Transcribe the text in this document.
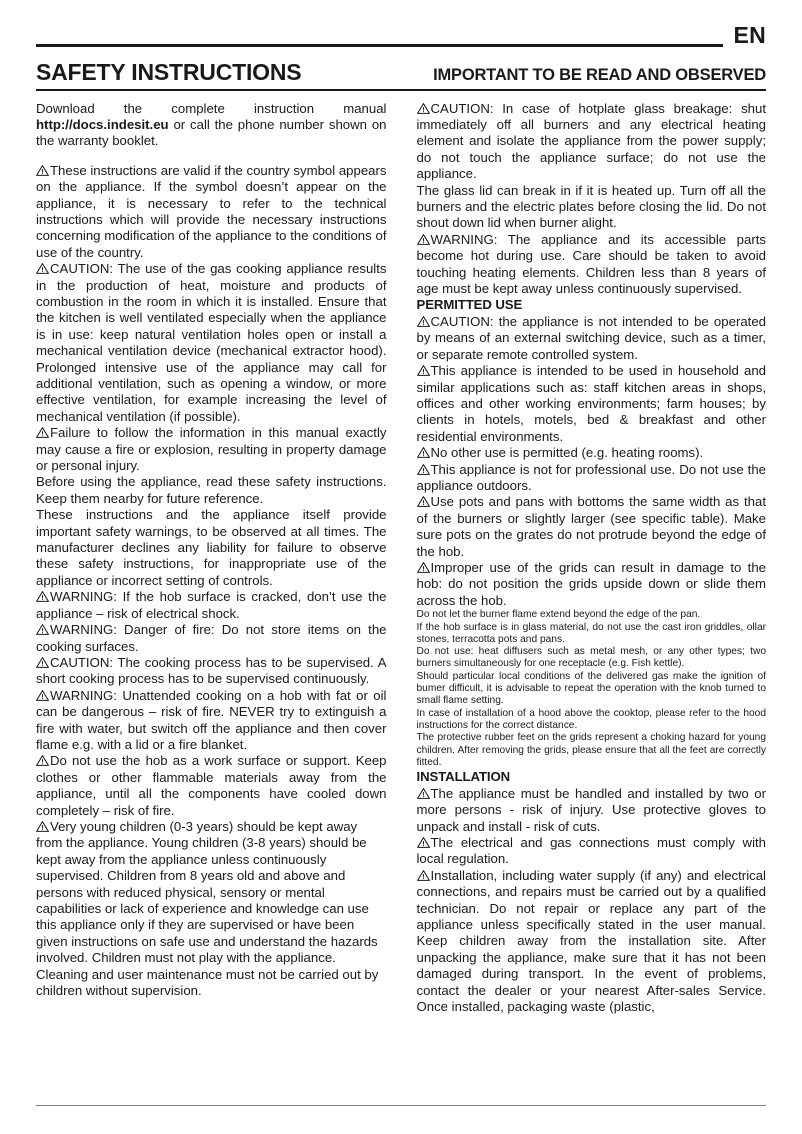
EN
SAFETY INSTRUCTIONS	IMPORTANT TO BE READ AND OBSERVED

Download the complete instruction manual http://docs.indesit.eu or call the phone number shown on the warranty booklet.

These instructions are valid if the country symbol appears on the appliance. If the symbol doesn’t appear on the appliance, it is necessary to refer to the technical instructions which will provide the necessary instructions concerning modification of the appliance to the conditions of use of the country.

CAUTION: The use of the gas cooking appliance results in the production of heat, moisture and products of combustion in the room in which it is installed. Ensure that the kitchen is well ventilated especially when the appliance is in use: keep natural ventilation holes open or install a mechanical ventilation device (mechanical extractor hood). Prolonged intensive use of the appliance may call for additional ventilation, such as opening a window, or more effective ventilation, for example increasing the level of mechanical ventilation (if possible).

Failure to follow the information in this manual exactly may cause a fire or explosion, resulting in property damage or personal injury.

Before using the appliance, read these safety instructions. Keep them nearby for future reference.

These instructions and the appliance itself provide important safety warnings, to be observed at all times. The manufacturer declines any liability for failure to observe these safety instructions, for inappropriate use of the appliance or incorrect setting of controls.

WARNING: If the hob surface is cracked, don’t use the appliance – risk of electrical shock.

WARNING: Danger of fire: Do not store items on the cooking surfaces.

CAUTION: The cooking process has to be supervised. A short cooking process has to be supervised continuously.

WARNING: Unattended cooking on a hob with fat or oil can be dangerous – risk of fire. NEVER try to extinguish a fire with water, but switch off the appliance and then cover flame e.g. with a lid or a fire blanket.

Do not use the hob as a work surface or support. Keep clothes or other flammable materials away from the appliance, until all the components have cooled down completely – risk of fire.

Very young children (0-3 years) should be kept away from the appliance. Young children (3-8 years) should be kept away from the appliance unless continuously supervised. Children from 8 years old and above and persons with reduced physical, sensory or mental capabilities or lack of experience and knowledge can use this appliance only if they are supervised or have been given instructions on safe use and understand the hazards involved. Children must not play with the appliance. Cleaning and user maintenance must not be carried out by children without supervision.

CAUTION: In case of hotplate glass breakage: shut immediately off all burners and any electrical heating element and isolate the appliance from the power supply; do not touch the appliance surface; do not use the appliance.

The glass lid can break in if it is heated up. Turn off all the burners and the electric plates before closing the lid. Do not shout down lid when burner alight.

WARNING: The appliance and its accessible parts become hot during use. Care should be taken to avoid touching heating elements. Children less than 8 years of age must be kept away unless continuously supervised.

PERMITTED USE

CAUTION: the appliance is not intended to be operated by means of an external switching device, such as a timer, or separate remote controlled system.

This appliance is intended to be used in household and similar applications such as: staff kitchen areas in shops, offices and other working environments; farm houses; by clients in hotels, motels, bed & breakfast and other residential environments.

No other use is permitted (e.g. heating rooms).

This appliance is not for professional use. Do not use the appliance outdoors.

Use pots and pans with bottoms the same width as that of the burners or slightly larger (see specific table). Make sure pots on the grates do not protrude beyond the edge of the hob.

Improper use of the grids can result in damage to the hob: do not position the grids upside down or slide them across the hob.

Do not let the burner flame extend beyond the edge of the pan.

If the hob surface is in glass material, do not use the cast iron griddles, ollar stones, terracotta pots and pans.

Do not use: heat diffusers such as metal mesh, or any other types; two burners simultaneously for one receptacle (e.g. Fish kettle).

Should particular local conditions of the delivered gas make the ignition of bumer difficult, it is advisable to repeat the operation with the knob turned to small flame setting.

In case of installation of a hood above the cooktop, please refer to the hood instructions for the correct distance.

The protective rubber feet on the grids represent a choking hazard for young children. After removing the grids, please ensure that all the feet are correctly fitted.

INSTALLATION

The appliance must be handled and installed by two or more persons - risk of injury. Use protective gloves to unpack and install - risk of cuts.

The electrical and gas connections must comply with local regulation.

Installation, including water supply (if any) and electrical connections, and repairs must be carried out by a qualified technician. Do not repair or replace any part of the appliance unless specifically stated in the user manual. Keep children away from the installation site. After unpacking the appliance, make sure that it has not been damaged during transport. In the event of problems, contact the dealer or your nearest After-sales Service. Once installed, packaging waste (plastic,
